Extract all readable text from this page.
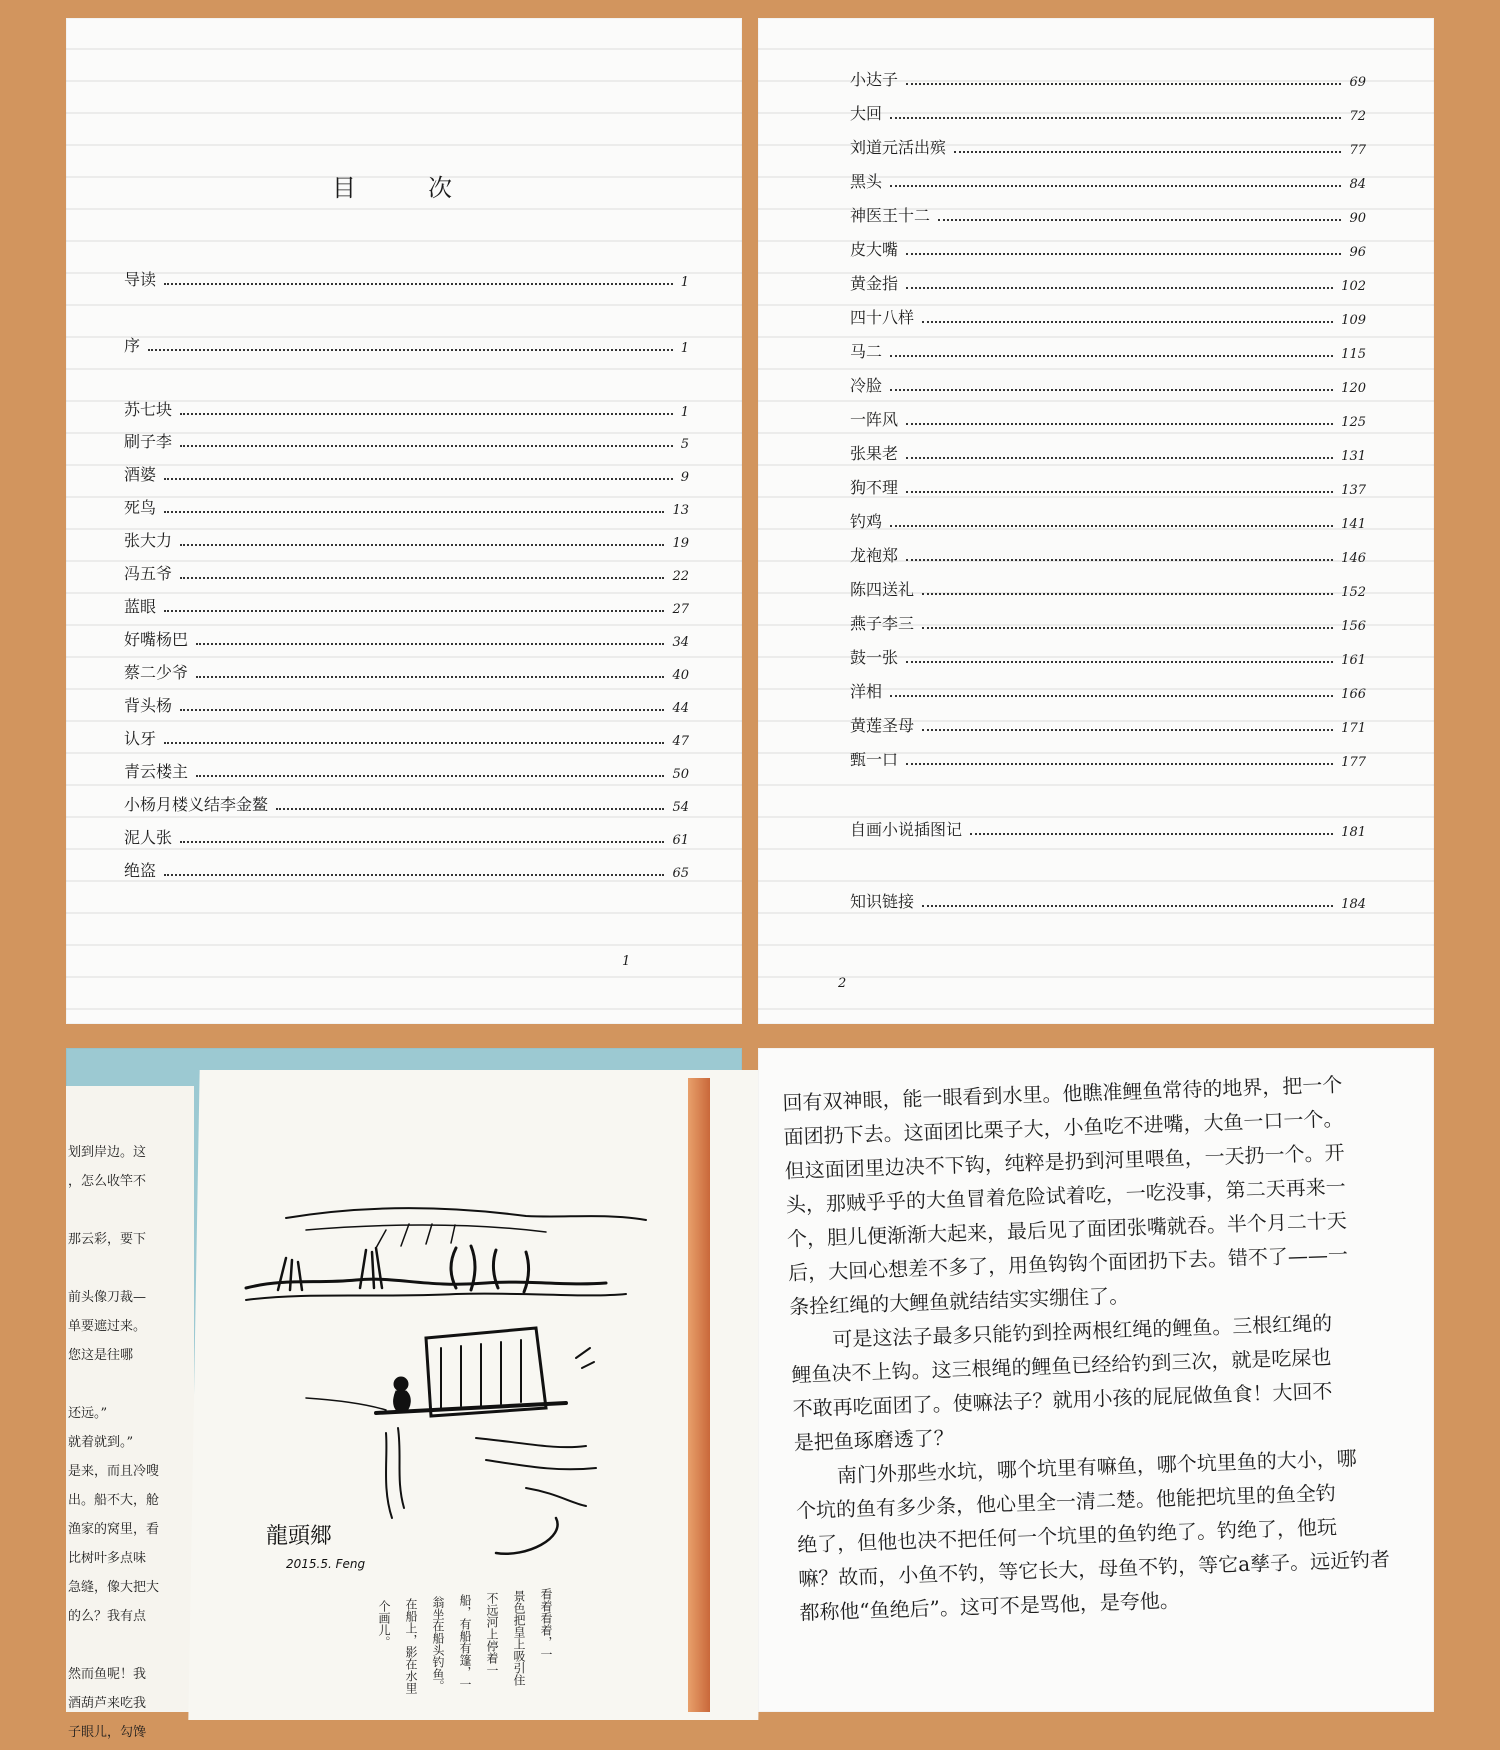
目　次
导读	1
序	1
苏七块	1
刷子李	5
酒婆	9
死鸟	13
张大力	19
冯五爷	22
蓝眼	27
好嘴杨巴	34
蔡二少爷	40
背头杨	44
认牙	47
青云楼主	50
小杨月楼义结李金鳌	54
泥人张	61
绝盗	65
1
小达子	69
大回	72
刘道元活出殡	77
黑头	84
神医王十二	90
皮大嘴	96
黄金指	102
四十八样	109
马二	115
冷脸	120
一阵风	125
张果老	131
狗不理	137
钓鸡	141
龙袍郑	146
陈四送礼	152
燕子李三	156
鼓一张	161
洋相	166
黄莲圣母	171
甄一口	177
自画小说插图记	181
知识链接	184
2
划到岸边。这
，怎么收竿不

那云彩，要下

前头像刀裁—
单要遮过来。
您这是往哪

还远。”
就着就到。”
是来，而且冷嗖
出。船不大，舱
渔家的窝里，看
比树叶多点味
急缝，像大把大
的么？我有点

然而鱼呢！我
酒葫芦来吃我
子眼儿，勾馋
龍頭郷
2015.5. Feng
看着看着，一
景色把皇上吸引住
不远河上停着一
船，有船有篷，一
翁坐在船头钓鱼。
在船上，影在水里
个画儿。

回有双神眼，能一眼看到水里。他瞧准鲤鱼常待的地界，把一个

面团扔下去。这面团比栗子大，小鱼吃不进嘴，大鱼一口一个。

但这面团里边决不下钩，纯粹是扔到河里喂鱼，一天扔一个。开

头，那贼乎乎的大鱼冒着危险试着吃，一吃没事，第二天再来一

个，胆儿便渐渐大起来，最后见了面团张嘴就吞。半个月二十天

后，大回心想差不多了，用鱼钩钩个面团扔下去。错不了——一

条拴红绳的大鲤鱼就结结实实绷住了。

可是这法子最多只能钓到拴两根红绳的鲤鱼。三根红绳的

鲤鱼决不上钩。这三根绳的鲤鱼已经给钓到三次，就是吃屎也

不敢再吃面团了。使嘛法子？就用小孩的屁屁做鱼食！大回不

是把鱼琢磨透了？

南门外那些水坑，哪个坑里有嘛鱼，哪个坑里鱼的大小，哪

个坑的鱼有多少条，他心里全一清二楚。他能把坑里的鱼全钓

绝了，但他也决不把任何一个坑里的鱼钓绝了。钓绝了，他玩

嘛？故而，小鱼不钓，等它长大，母鱼不钓，等它a孳子。远近钓者

都称他“鱼绝后”。这可不是骂他，是夸他。
